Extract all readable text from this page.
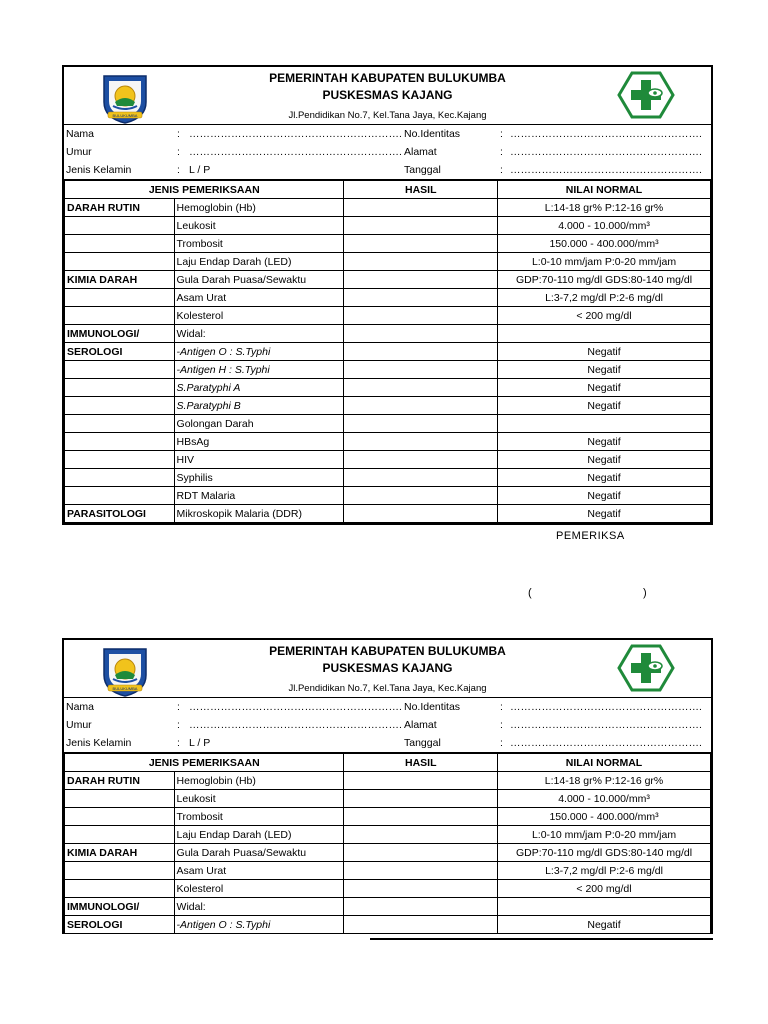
BULUKUMBA
PEMERINTAH KABUPATEN BULUKUMBA
PUSKESMAS KAJANG
Jl.Pendidikan No.7, Kel.Tana Jaya, Kec.Kajang
Nama	: ……………………………………………………. No.Identitas	: ……………………………………………….
Umur	: ……………………………………………………. Alamat	: ……………………………………………….
Jenis Kelamin	: L / P	Tanggal	: ……………………………………………….
JENIS PEMERIKSAAN		HASIL	NILAI NORMAL
DARAH RUTIN	Hemoglobin (Hb)		L:14-18 gr% P:12-16 gr%
	Leukosit		4.000 - 10.000/mm³
	Trombosit		150.000 - 400.000/mm³
	Laju Endap Darah (LED)		L:0-10 mm/jam P:0-20 mm/jam
KIMIA DARAH	Gula Darah Puasa/Sewaktu		GDP:70-110 mg/dl GDS:80-140 mg/dl
	Asam Urat		L:3-7,2 mg/dl P:2-6 mg/dl
	Kolesterol		< 200 mg/dl
IMMUNOLOGI/	Widal:		
SEROLOGI	-Antigen O : S.Typhi		Negatif
	-Antigen H : S.Typhi		Negatif
	S.Paratyphi A		Negatif
	S.Paratyphi B		Negatif
	Golongan Darah		
	HBsAg		Negatif
	HIV		Negatif
	Syphilis		Negatif
	RDT Malaria		Negatif
PARASITOLOGI	Mikroskopik Malaria (DDR)		Negatif
PEMERIKSA
(	)
BULUKUMBA
PEMERINTAH KABUPATEN BULUKUMBA
PUSKESMAS KAJANG
Jl.Pendidikan No.7, Kel.Tana Jaya, Kec.Kajang
Nama	: ……………………………………………………. No.Identitas	: ……………………………………………….
Umur	: ……………………………………………………. Alamat	: ……………………………………………….
Jenis Kelamin	: L / P	Tanggal	: ……………………………………………….
JENIS PEMERIKSAAN		HASIL	NILAI NORMAL
DARAH RUTIN	Hemoglobin (Hb)		L:14-18 gr% P:12-16 gr%
	Leukosit		4.000 - 10.000/mm³
	Trombosit		150.000 - 400.000/mm³
	Laju Endap Darah (LED)		L:0-10 mm/jam P:0-20 mm/jam
KIMIA DARAH	Gula Darah Puasa/Sewaktu		GDP:70-110 mg/dl GDS:80-140 mg/dl
	Asam Urat		L:3-7,2 mg/dl P:2-6 mg/dl
	Kolesterol		< 200 mg/dl
IMMUNOLOGI/	Widal:		
SEROLOGI	-Antigen O : S.Typhi		Negatif
